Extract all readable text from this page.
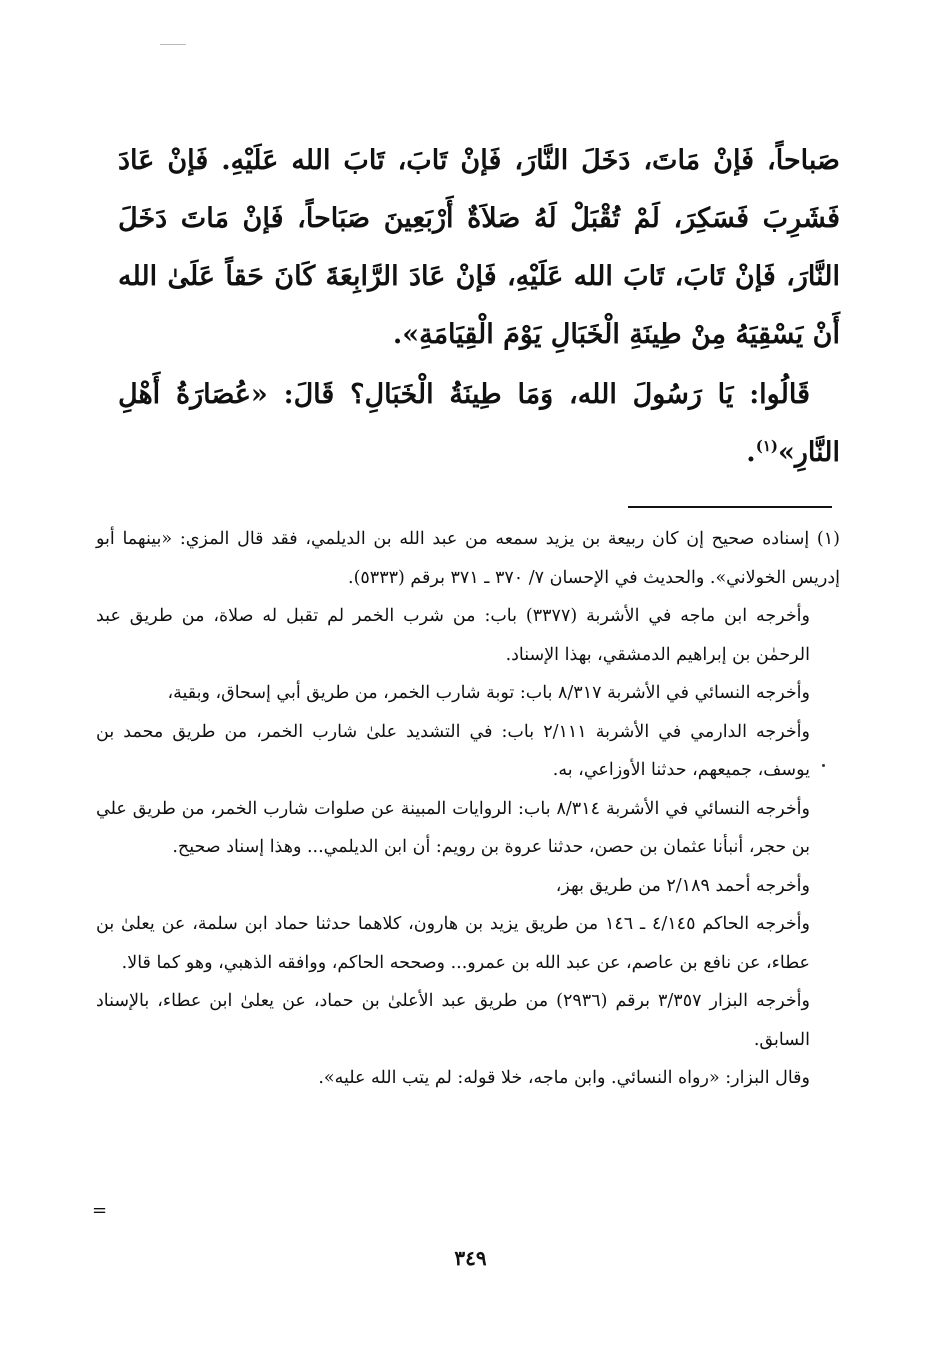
صَباحاً، فَإنْ مَاتَ، دَخَلَ النَّارَ، فَإنْ تَابَ، تَابَ الله عَلَيْهِ. فَإنْ عَادَ فَشَرِبَ فَسَكِرَ، لَمْ تُقْبَلْ لَهُ صَلاَةٌ أَرْبَعِينَ صَبَاحاً، فَإنْ مَاتَ دَخَلَ النَّارَ، فَإنْ تَابَ، تَابَ الله عَلَيْهِ، فَإنْ عَادَ الرَّابِعَةَ كَانَ حَقاً عَلَىٰ الله أَنْ يَسْقِيَهُ مِنْ طِينَةِ الْخَبَالِ يَوْمَ الْقِيَامَةِ».

قَالُوا: يَا رَسُولَ الله، وَمَا طِينَةُ الْخَبَالِ؟ قَالَ: «عُصَارَةُ أَهْلِ النَّارِ»$^{(١)}$.

(١) إسناده صحيح إن كان ربيعة بن يزيد سمعه من عبد الله بن الديلمي، فقد قال المزي: «بينهما أبو إدريس الخولاني». والحديث في الإحسان ٧/ ٣٧٠ ـ ٣٧١ برقم (٥٣٣٣).

وأخرجه ابن ماجه في الأشربة (٣٣٧٧) باب: من شرب الخمر لم تقبل له صلاة، من طريق عبد الرحمٰن بن إبراهيم الدمشقي، بهذا الإسناد.

وأخرجه النسائي في الأشربة ٨/٣١٧ باب: توبة شارب الخمر، من طريق أبي إسحاق، وبقية،

وأخرجه الدارمي في الأشربة ٢/١١١ باب: في التشديد علىٰ شارب الخمر، من طريق محمد بن يوسف، جميعهم، حدثنا الأوزاعي، به.

وأخرجه النسائي في الأشربة ٨/٣١٤ باب: الروايات المبينة عن صلوات شارب الخمر، من طريق علي بن حجر، أنبأنا عثمان بن حصن، حدثنا عروة بن رويم: أن ابن الديلمي... وهذا إسناد صحيح.

وأخرجه أحمد ٢/١٨٩ من طريق بهز،

وأخرجه الحاكم ٤/١٤٥ ـ ١٤٦ من طريق يزيد بن هارون، كلاهما حدثنا حماد ابن سلمة، عن يعلىٰ بن عطاء، عن نافع بن عاصم، عن عبد الله بن عمرو... وصححه الحاكم، ووافقه الذهبي، وهو كما قالا.

وأخرجه البزار ٣/٣٥٧ برقم (٢٩٣٦) من طريق عبد الأعلىٰ بن حماد، عن يعلىٰ ابن عطاء، بالإسناد السابق.

وقال البزار: «رواه النسائي. وابن ماجه، خلا قوله: لم يتب الله عليه».

=
٣٤٩
